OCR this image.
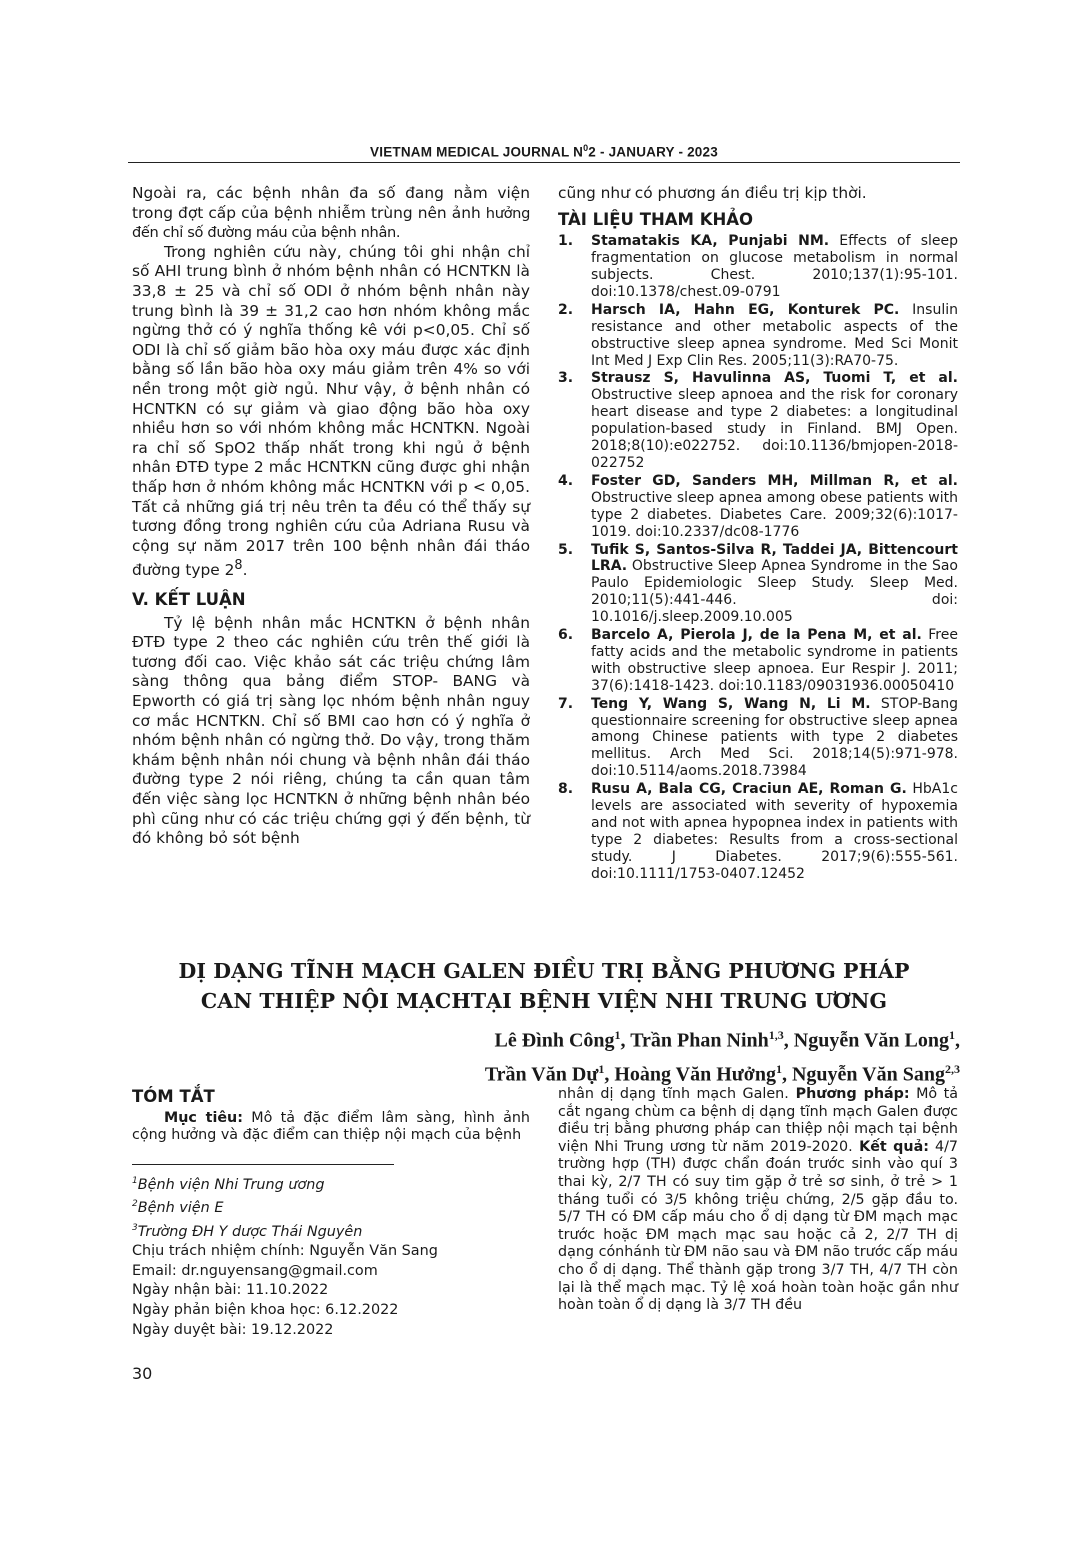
VIETNAM MEDICAL JOURNAL $N^02$ - JANUARY - 2023

Ngoài ra, các bệnh nhân đa số đang nằm viện trong đợt cấp của bệnh nhiễm trùng nên ảnh hưởng đến chỉ số đường máu của bệnh nhân.

Trong nghiên cứu này, chúng tôi ghi nhận chỉ số AHI trung bình ở nhóm bệnh nhân có HCNTKN là 33,8 ± 25 và chỉ số ODI ở nhóm bệnh nhân này trung bình là 39 ± 31,2 cao hơn nhóm không mắc ngừng thở có ý nghĩa thống kê với p<0,05. Chỉ số ODI là chỉ số giảm bão hòa oxy máu được xác định bằng số lần bão hòa oxy máu giảm trên 4% so với nền trong một giờ ngủ. Như vậy, ở bệnh nhân có HCNTKN có sự giảm và giao động bão hòa oxy nhiều hơn so với nhóm không mắc HCNTKN. Ngoài ra chỉ số SpO2 thấp nhất trong khi ngủ ở bệnh nhân ĐTĐ type 2 mắc HCNTKN cũng được ghi nhận thấp hơn ở nhóm không mắc HCNTKN với p < 0,05. Tất cả những giá trị nêu trên ta đều có thể thấy sự tương đồng trong nghiên cứu của Adriana Rusu và cộng sự năm 2017 trên 100 bệnh nhân đái tháo đường type $2^8$.

V. KẾT LUẬN

Tỷ lệ bệnh nhân mắc HCNTKN ở bệnh nhân ĐTĐ type 2 theo các nghiên cứu trên thế giới là tương đối cao. Việc khảo sát các triệu chứng lâm sàng thông qua bảng điểm STOP- BANG và Epworth có giá trị sàng lọc nhóm bệnh nhân nguy cơ mắc HCNTKN. Chỉ số BMI cao hơn có ý nghĩa ở nhóm bệnh nhân có ngừng thở. Do vậy, trong thăm khám bệnh nhân nói chung và bệnh nhân đái tháo đường type 2 nói riêng, chúng ta cần quan tâm đến việc sàng lọc HCNTKN ở những bệnh nhân béo phì cũng như có các triệu chứng gợi ý đến bệnh, từ đó không bỏ sót bệnh

cũng như có phương án điều trị kịp thời.

TÀI LIỆU THAM KHẢO
1. Stamatakis KA, Punjabi NM. Effects of sleep fragmentation on glucose metabolism in normal subjects. Chest. 2010;137(1):95-101. doi:10.1378/chest.09-0791
2. Harsch IA, Hahn EG, Konturek PC. Insulin resistance and other metabolic aspects of the obstructive sleep apnea syndrome. Med Sci Monit Int Med J Exp Clin Res. 2005;11(3):RA70-75.
3. Strausz S, Havulinna AS, Tuomi T, et al. Obstructive sleep apnoea and the risk for coronary heart disease and type 2 diabetes: a longitudinal population-based study in Finland. BMJ Open. 2018;8(10):e022752. doi:10.1136/bmjopen-2018-022752
4. Foster GD, Sanders MH, Millman R, et al. Obstructive sleep apnea among obese patients with type 2 diabetes. Diabetes Care. 2009;32(6):1017-1019. doi:10.2337/dc08-1776
5. Tufik S, Santos-Silva R, Taddei JA, Bittencourt LRA. Obstructive Sleep Apnea Syndrome in the Sao Paulo Epidemiologic Sleep Study. Sleep Med. 2010;11(5):441-446. doi: 10.1016/j.sleep.2009.10.005
6. Barcelo A, Pierola J, de la Pena M, et al. Free fatty acids and the metabolic syndrome in patients with obstructive sleep apnoea. Eur Respir J. 2011; 37(6):1418-1423. doi:10.1183/09031936.00050410
7. Teng Y, Wang S, Wang N, Li M. STOP-Bang questionnaire screening for obstructive sleep apnea among Chinese patients with type 2 diabetes mellitus. Arch Med Sci. 2018;14(5):971-978. doi:10.5114/aoms.2018.73984
8. Rusu A, Bala CG, Craciun AE, Roman G. HbA1c levels are associated with severity of hypoxemia and not with apnea hypopnea index in patients with type 2 diabetes: Results from a cross-sectional study. J Diabetes. 2017;9(6):555-561. doi:10.1111/1753-0407.12452
DỊ DẠNG TĨNH MẠCH GALEN ĐIỀU TRỊ BẰNG PHƯƠNG PHÁP
CAN THIỆP NỘI MẠCHTẠI BỆNH VIỆN NHI TRUNG ƯƠNG
Lê Đình Công$^1$, Trần Phan Ninh$^{1,3}$, Nguyễn Văn Long$^1$,
Trần Văn Dự$^1$, Hoàng Văn Hưởng$^1$, Nguyễn Văn Sang$^{2,3}$
TÓM TẮT

Mục tiêu: Mô tả đặc điểm lâm sàng, hình ảnh cộng hưởng và đặc điểm can thiệp nội mạch của bệnh

$^1$Bệnh viện Nhi Trung ương

$^2$Bệnh viện E

$^3$Trường ĐH Y dược Thái Nguyên

Chịu trách nhiệm chính: Nguyễn Văn Sang

Email: dr.nguyensang@gmail.com

Ngày nhận bài: 11.10.2022

Ngày phản biện khoa học: 6.12.2022

Ngày duyệt bài: 19.12.2022

nhân dị dạng tĩnh mạch Galen. Phương pháp: Mô tả cắt ngang chùm ca bệnh dị dạng tĩnh mạch Galen được điều trị bằng phương pháp can thiệp nội mạch tại bệnh viện Nhi Trung ương từ năm 2019-2020. Kết quả: 4/7 trường hợp (TH) được chẩn đoán trước sinh vào quí 3 thai kỳ, 2/7 TH có suy tim gặp ở trẻ sơ sinh, ở trẻ > 1 tháng tuổi có 3/5 không triệu chứng, 2/5 gặp đầu to. 5/7 TH có ĐM cấp máu cho ổ dị dạng từ ĐM mạch mạc trước hoặc ĐM mạch mạc sau hoặc cả 2, 2/7 TH dị dạng cónhánh từ ĐM não sau và ĐM não trước cấp máu cho ổ dị dạng. Thể thành gặp trong 3/7 TH, 4/7 TH còn lại là thể mạch mạc. Tỷ lệ xoá hoàn toàn hoặc gần như hoàn toàn ổ dị dạng là 3/7 TH đều

30
